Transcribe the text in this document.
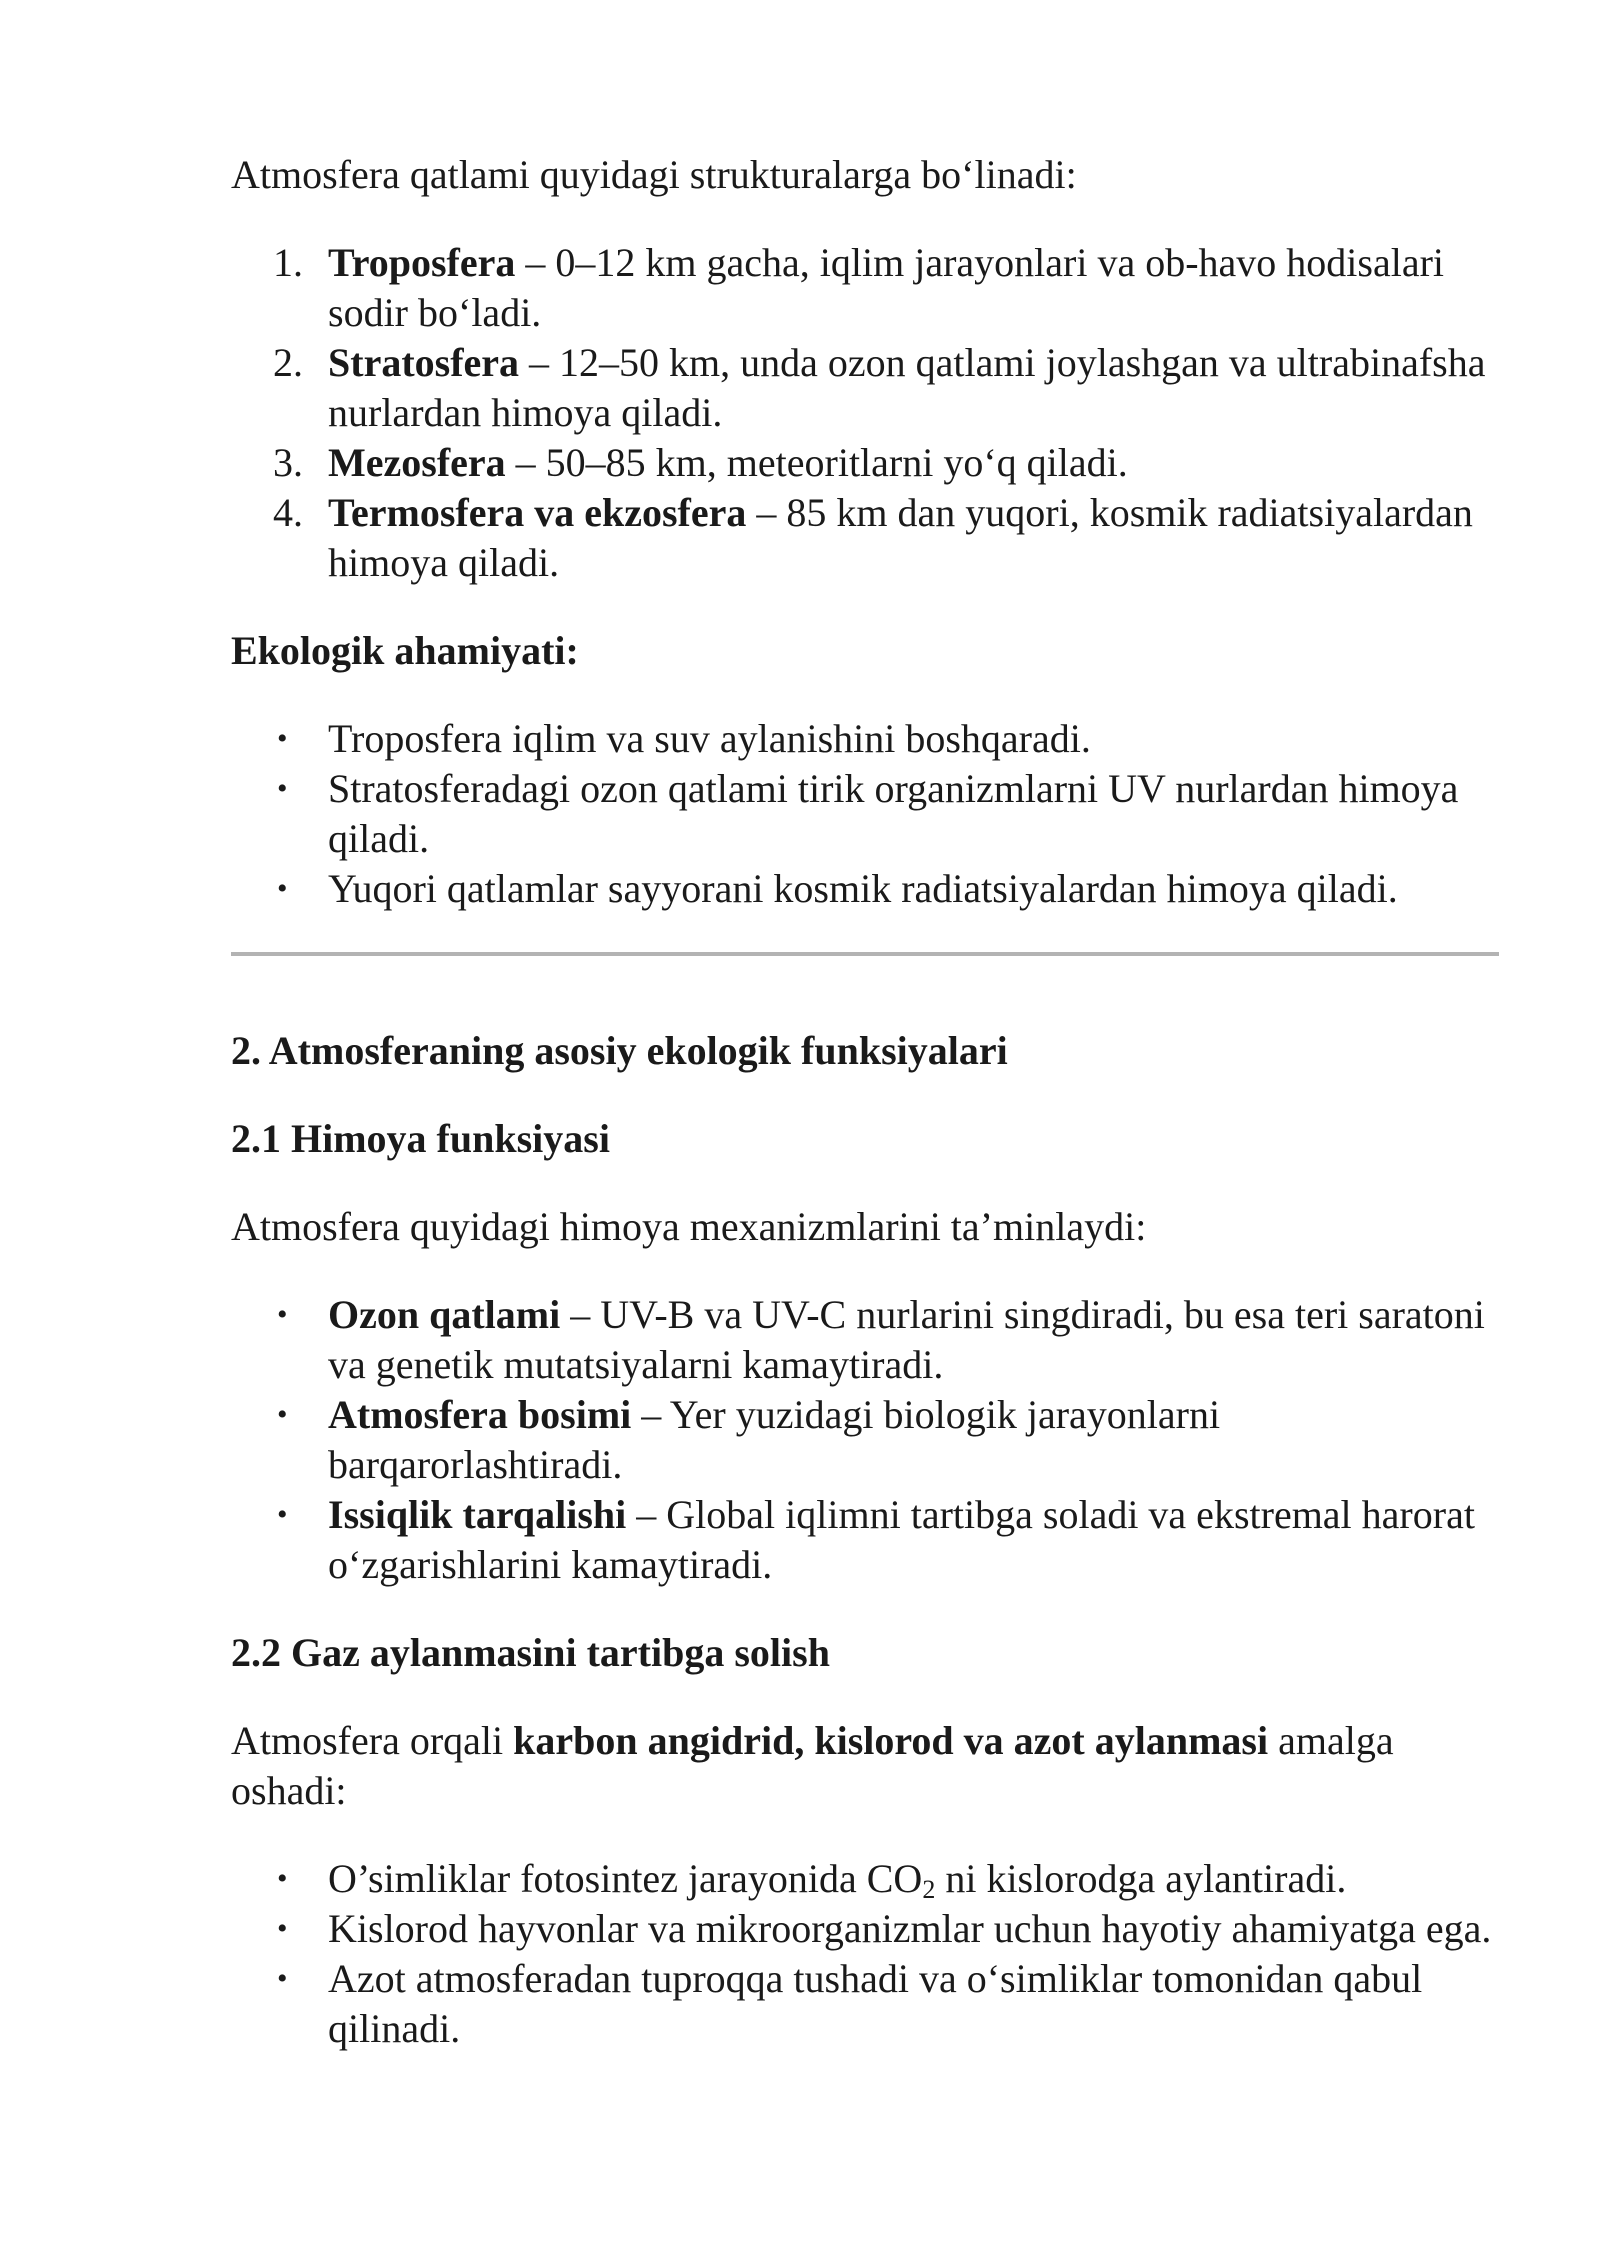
Atmosfera qatlami quyidagi strukturalarga bo‘linadi:

1. Troposfera – 0–12 km gacha, iqlim jarayonlari va ob-havo hodisalari sodir bo‘ladi.
2. Stratosfera – 12–50 km, unda ozon qatlami joylashgan va ultrabinafsha nurlardan himoya qiladi.
3. Mezosfera – 50–85 km, meteoritlarni yo‘q qiladi.
4. Termosfera va ekzosfera – 85 km dan yuqori, kosmik radiatsiyalardan himoya qiladi.

Ekologik ahamiyati:

• Troposfera iqlim va suv aylanishini boshqaradi.
• Stratosferadagi ozon qatlami tirik organizmlarni UV nurlardan himoya qiladi.
• Yuqori qatlamlar sayyorani kosmik radiatsiyalardan himoya qiladi.

2. Atmosferaning asosiy ekologik funksiyalari

2.1 Himoya funksiyasi

Atmosfera quyidagi himoya mexanizmlarini ta’minlaydi:

• Ozon qatlami – UV-B va UV-C nurlarini singdiradi, bu esa teri saratoni va genetik mutatsiyalarni kamaytiradi.
• Atmosfera bosimi – Yer yuzidagi biologik jarayonlarni barqarorlashtiradi.
• Issiqlik tarqalishi – Global iqlimni tartibga soladi va ekstremal harorat o‘zgarishlarini kamaytiradi.

2.2 Gaz aylanmasini tartibga solish

Atmosfera orqali karbon angidrid, kislorod va azot aylanmasi amalga oshadi:

• O’simliklar fotosintez jarayonida $CO_2$ ni kislorodga aylantiradi.
• Kislorod hayvonlar va mikroorganizmlar uchun hayotiy ahamiyatga ega.
• Azot atmosferadan tuproqqa tushadi va o‘simliklar tomonidan qabul qilinadi.
